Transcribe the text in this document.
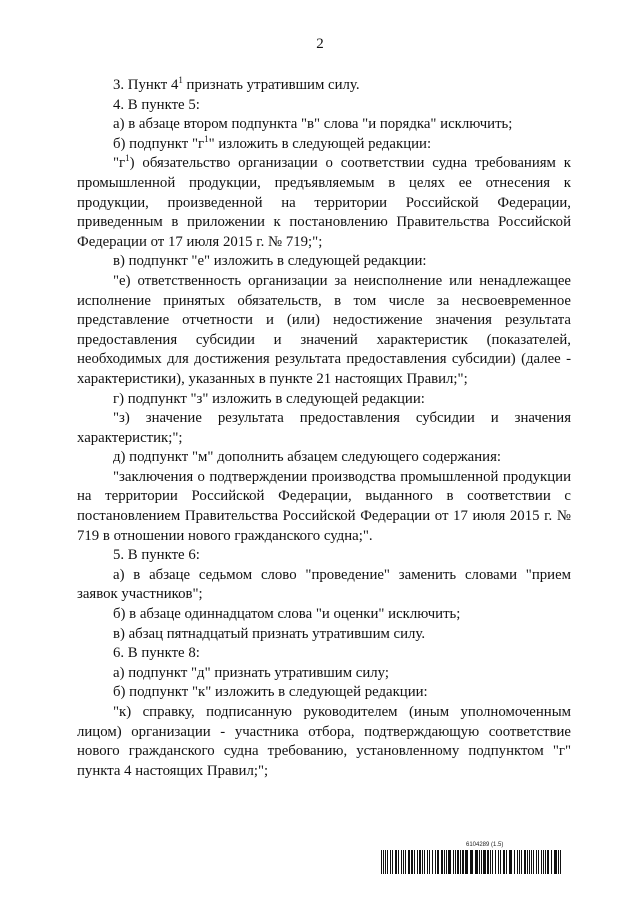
2

3. Пункт $4^1$ признать утратившим силу.

4. В пункте 5:

а) в абзаце втором подпункта "в" слова "и порядка" исключить;

б) подпункт "$г^1$" изложить в следующей редакции:

"$г^1$) обязательство организации о соответствии судна требованиям к промышленной продукции, предъявляемым в целях ее отнесения к продукции, произведенной на территории Российской Федерации, приведенным в приложении к постановлению Правительства Российской Федерации от 17 июля 2015 г. № 719;";

в) подпункт "е" изложить в следующей редакции:

"е) ответственность организации за неисполнение или ненадлежащее исполнение принятых обязательств, в том числе за несвоевременное представление отчетности и (или) недостижение значения результата предоставления субсидии и значений характеристик (показателей, необходимых для достижения результата предоставления субсидии) (далее - характеристики), указанных в пункте 21 настоящих Правил;";

г) подпункт "з" изложить в следующей редакции:

"з) значение результата предоставления субсидии и значения характеристик;";

д) подпункт "м" дополнить абзацем следующего содержания:

"заключения о подтверждении производства промышленной продукции на территории Российской Федерации, выданного в соответствии с постановлением Правительства Российской Федерации от 17 июля 2015 г. № 719 в отношении нового гражданского судна;".

5. В пункте 6:

а) в абзаце седьмом слово "проведение" заменить словами "прием заявок участников";

б) в абзаце одиннадцатом слова "и оценки" исключить;

в) абзац пятнадцатый признать утратившим силу.

6. В пункте 8:

а) подпункт "д" признать утратившим силу;

б) подпункт "к" изложить в следующей редакции:

"к) справку, подписанную руководителем (иным уполномоченным лицом) организации - участника отбора, подтверждающую соответствие нового гражданского судна требованию, установленному подпунктом "г" пункта 4 настоящих Правил;";

6104289 (1.5)
